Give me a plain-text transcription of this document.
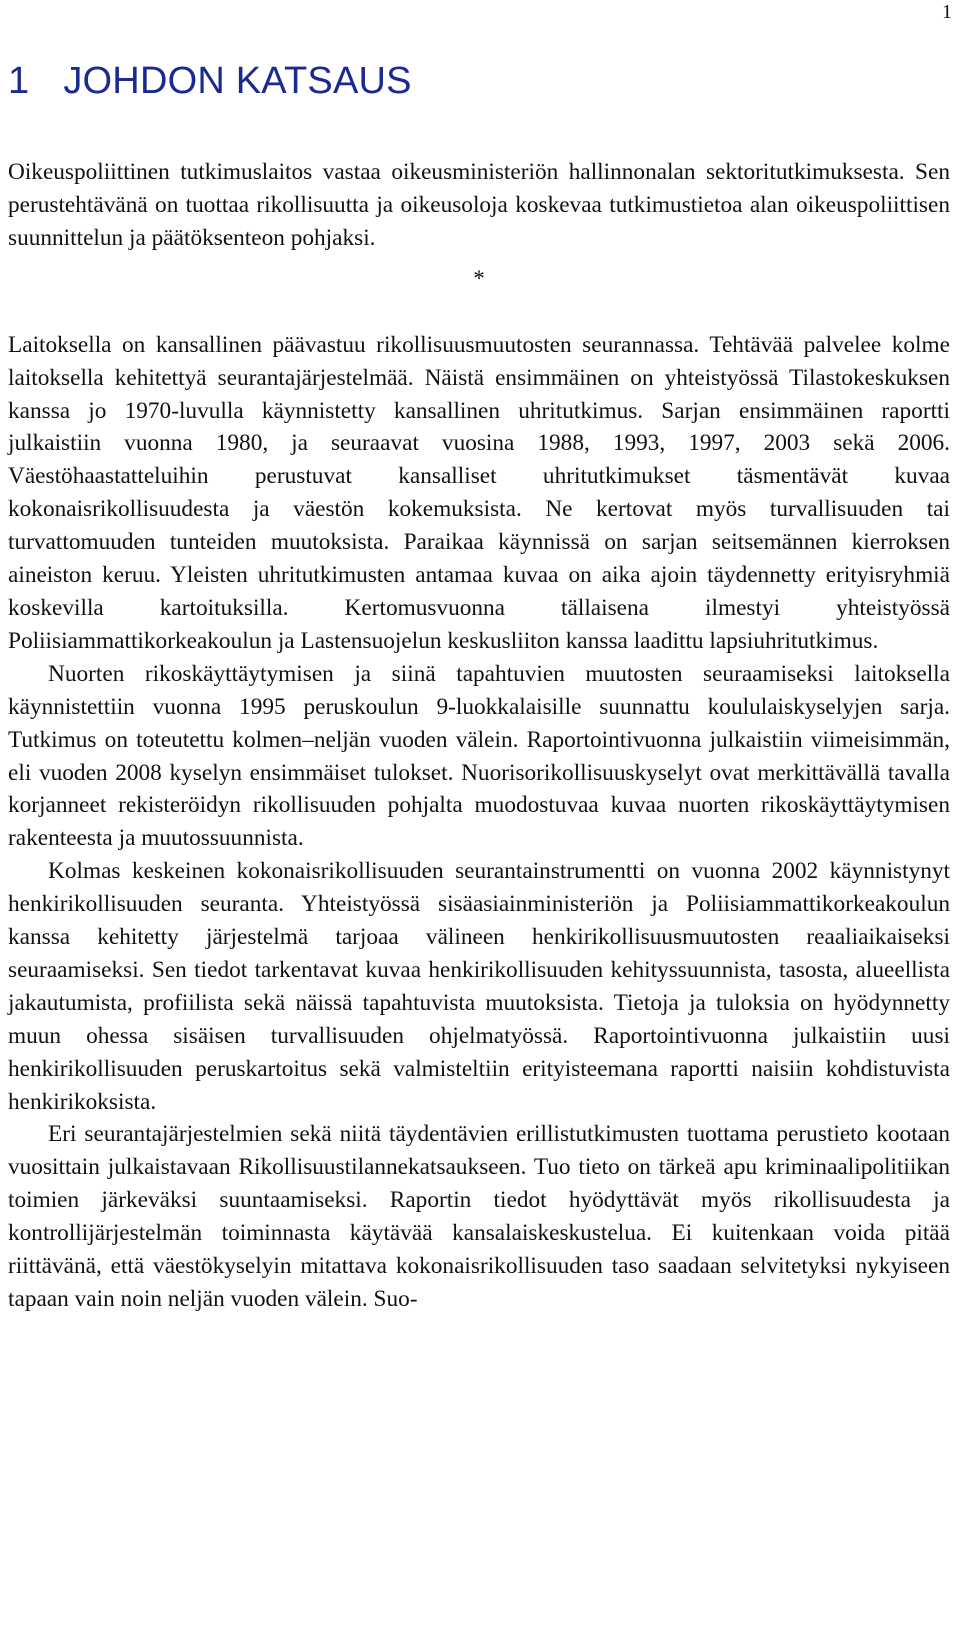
1
1 JOHDON KATSAUS

Oikeuspoliittinen tutkimuslaitos vastaa oikeusministeriön hallinnonalan sektoritutkimuksesta. Sen perustehtävänä on tuottaa rikollisuutta ja oikeusoloja koskevaa tutkimustietoa alan oikeuspoliittisen suunnittelun ja päätöksenteon pohjaksi.

*

Laitoksella on kansallinen päävastuu rikollisuusmuutosten seurannassa. Tehtävää palvelee kolme laitoksella kehitettyä seurantajärjestelmää. Näistä ensimmäinen on yhteistyössä Tilastokeskuksen kanssa jo 1970-luvulla käynnistetty kansallinen uhritutkimus. Sarjan ensimmäinen raportti julkaistiin vuonna 1980, ja seuraavat vuosina 1988, 1993, 1997, 2003 sekä 2006. Väestöhaastatteluihin perustuvat kansalliset uhritutkimukset täsmentävät kuvaa kokonaisrikollisuudesta ja väestön kokemuksista. Ne kertovat myös turvallisuuden tai turvattomuuden tunteiden muutoksista. Paraikaa käynnissä on sarjan seitsemännen kierroksen aineiston keruu. Yleisten uhritutkimusten antamaa kuvaa on aika ajoin täydennetty erityisryhmiä koskevilla kartoituksilla. Kertomusvuonna tällaisena ilmestyi yhteistyössä Poliisiammattikorkeakoulun ja Lastensuojelun keskusliiton kanssa laadittu lapsiuhritutkimus.

Nuorten rikoskäyttäytymisen ja siinä tapahtuvien muutosten seuraamiseksi laitoksella käynnistettiin vuonna 1995 peruskoulun 9-luokkalaisille suunnattu koululaiskyselyjen sarja. Tutkimus on toteutettu kolmen–neljän vuoden välein. Raportointivuonna julkaistiin viimeisimmän, eli vuoden 2008 kyselyn ensimmäiset tulokset. Nuorisorikollisuuskyselyt ovat merkittävällä tavalla korjanneet rekisteröidyn rikollisuuden pohjalta muodostuvaa kuvaa nuorten rikoskäyttäytymisen rakenteesta ja muutossuunnista.

Kolmas keskeinen kokonaisrikollisuuden seurantainstrumentti on vuonna 2002 käynnistynyt henkirikollisuuden seuranta. Yhteistyössä sisäasiainministeriön ja Poliisiammattikorkeakoulun kanssa kehitetty järjestelmä tarjoaa välineen henkirikollisuusmuutosten reaaliaikaiseksi seuraamiseksi. Sen tiedot tarkentavat kuvaa henkirikollisuuden kehityssuunnista, tasosta, alueellista jakautumista, profiilista sekä näissä tapahtuvista muutoksista. Tietoja ja tuloksia on hyödynnetty muun ohessa sisäisen turvallisuuden ohjelmatyössä. Raportointivuonna julkaistiin uusi henkirikollisuuden peruskartoitus sekä valmisteltiin erityisteemana raportti naisiin kohdistuvista henkirikoksista.

Eri seurantajärjestelmien sekä niitä täydentävien erillistutkimusten tuottama perustieto kootaan vuosittain julkaistavaan Rikollisuustilannekatsaukseen. Tuo tieto on tärkeä apu kriminaalipolitiikan toimien järkeväksi suuntaamiseksi. Raportin tiedot hyödyttävät myös rikollisuudesta ja kontrollijärjestelmän toiminnasta käytävää kansalaiskeskustelua. Ei kuitenkaan voida pitää riittävänä, että väestökyselyin mitattava kokonaisrikollisuuden taso saadaan selvitetyksi nykyiseen tapaan vain noin neljän vuoden välein. Suo-
